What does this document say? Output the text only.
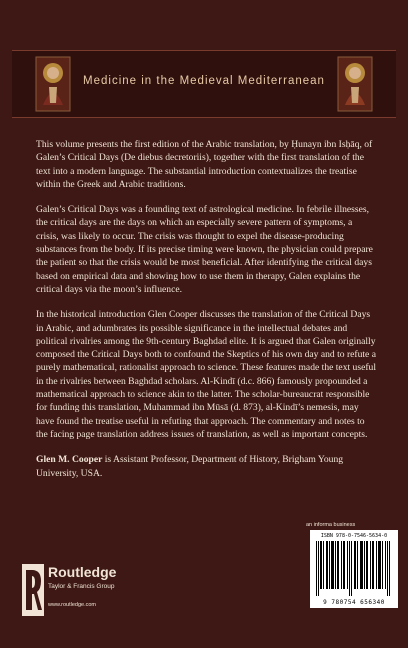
Medicine in the Medieval Mediterranean

This volume presents the first edition of the Arabic translation, by Ḥunayn ibn Isḥāq, of Galen’s Critical Days (De diebus decretoriis), together with the first translation of the text into a modern language. The substantial introduction contextualizes the treatise within the Greek and Arabic traditions.

Galen’s Critical Days was a founding text of astrological medicine. In febrile illnesses, the critical days are the days on which an especially severe pattern of symptoms, a crisis, was likely to occur. The crisis was thought to expel the disease-producing substances from the body. If its precise timing were known, the physician could prepare the patient so that the crisis would be most beneficial. After identifying the critical days based on empirical data and showing how to use them in therapy, Galen explains the critical days via the moon’s influence.

In the historical introduction Glen Cooper discusses the translation of the Critical Days in Arabic, and adumbrates its possible significance in the intellectual debates and political rivalries among the 9th-century Baghdad elite. It is argued that Galen originally composed the Critical Days both to confound the Skeptics of his own day and to refute a purely mathematical, rationalist approach to science. These features made the text useful in the rivalries between Baghdad scholars. Al-Kindī (d.c. 866) famously propounded a mathematical approach to science akin to the latter. The scholar-bureaucrat responsible for funding this translation, Muhammad ibn Mūsā (d. 873), al-Kindī’s nemesis, may have found the treatise useful in refuting that approach. The commentary and notes to the facing page translation address issues of translation, as well as important concepts.

Glen M. Cooper is Assistant Professor, Department of History, Brigham Young University, USA.

an informa business
Routledge
Taylor & Francis Group
www.routledge.com
ISBN 978-0-7546-5634-0
9 780754 656340
